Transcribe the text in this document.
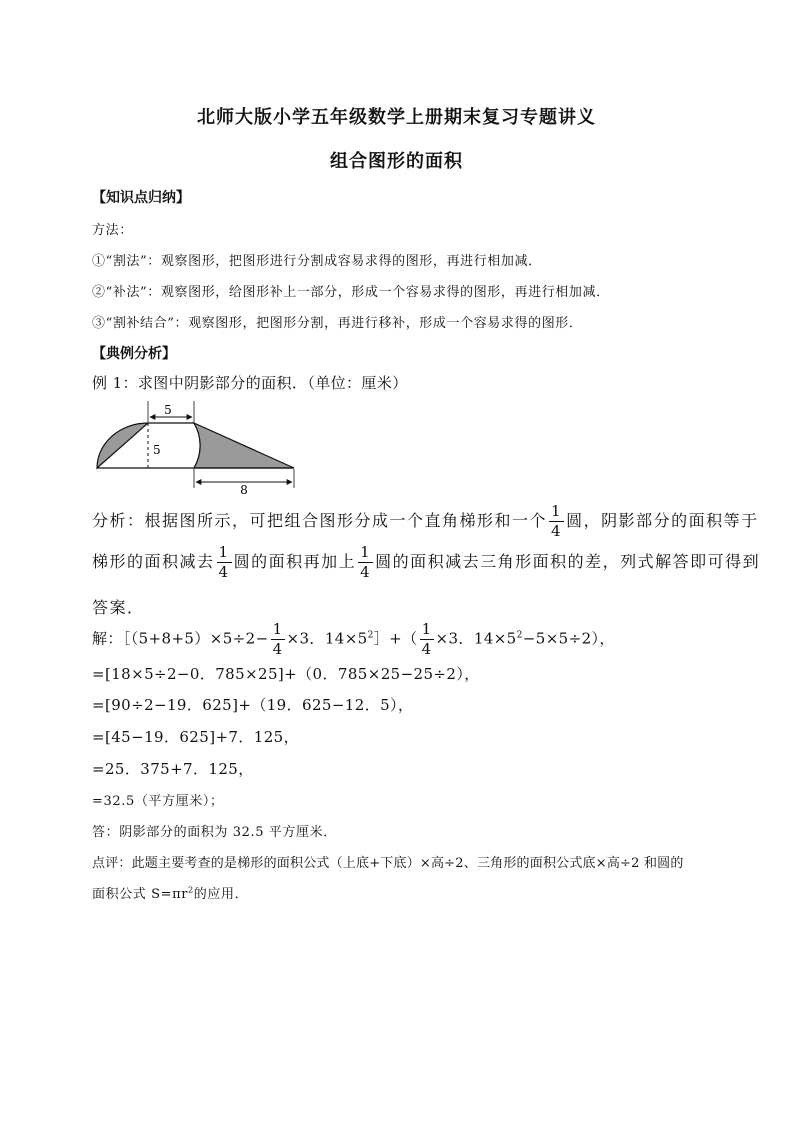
北师大版小学五年级数学上册期末复习专题讲义
组合图形的面积
【知识点归纳】
方法：
①“割法”：观察图形，把图形进行分割成容易求得的图形，再进行相加减．
②“补法”：观察图形，给图形补上一部分，形成一个容易求得的图形，再进行相加减．
③“割补结合”：观察图形，把图形分割，再进行移补，形成一个容易求得的图形．
【典例分析】
例 1：求图中阴影部分的面积．（单位：厘米）
5
5
8
分析：根据图所示，可把组合图形分成一个直角梯形和一个 $\frac{1}{4}$ 圆，阴影部分的面积等于
梯形的面积减去 $\frac{1}{4}$ 圆的面积再加上 $\frac{1}{4}$ 圆的面积减去三角形面积的差，列式解答即可得到
答案．
解：［（5+8+5）×5÷2− $\frac{1}{4} \times 3$．$14\times 5^2]+( \frac{1}{4} \times 3$．$14\times 5^2-5\times 5\div 2$），
=[18×5÷2−0．785×25]+（0．785×25−25÷2），
=[90÷2−19．625]+（19．625−12．5），
=[45−19．625]+7．125，
=25．375+7．125，
=32.5（平方厘米）；
答：阴影部分的面积为 32.5 平方厘米．
点评：此题主要考查的是梯形的面积公式（上底+下底）×高÷2、三角形的面积公式底×高÷2 和圆的
面积公式 $S=\pi r^2$的应用．
